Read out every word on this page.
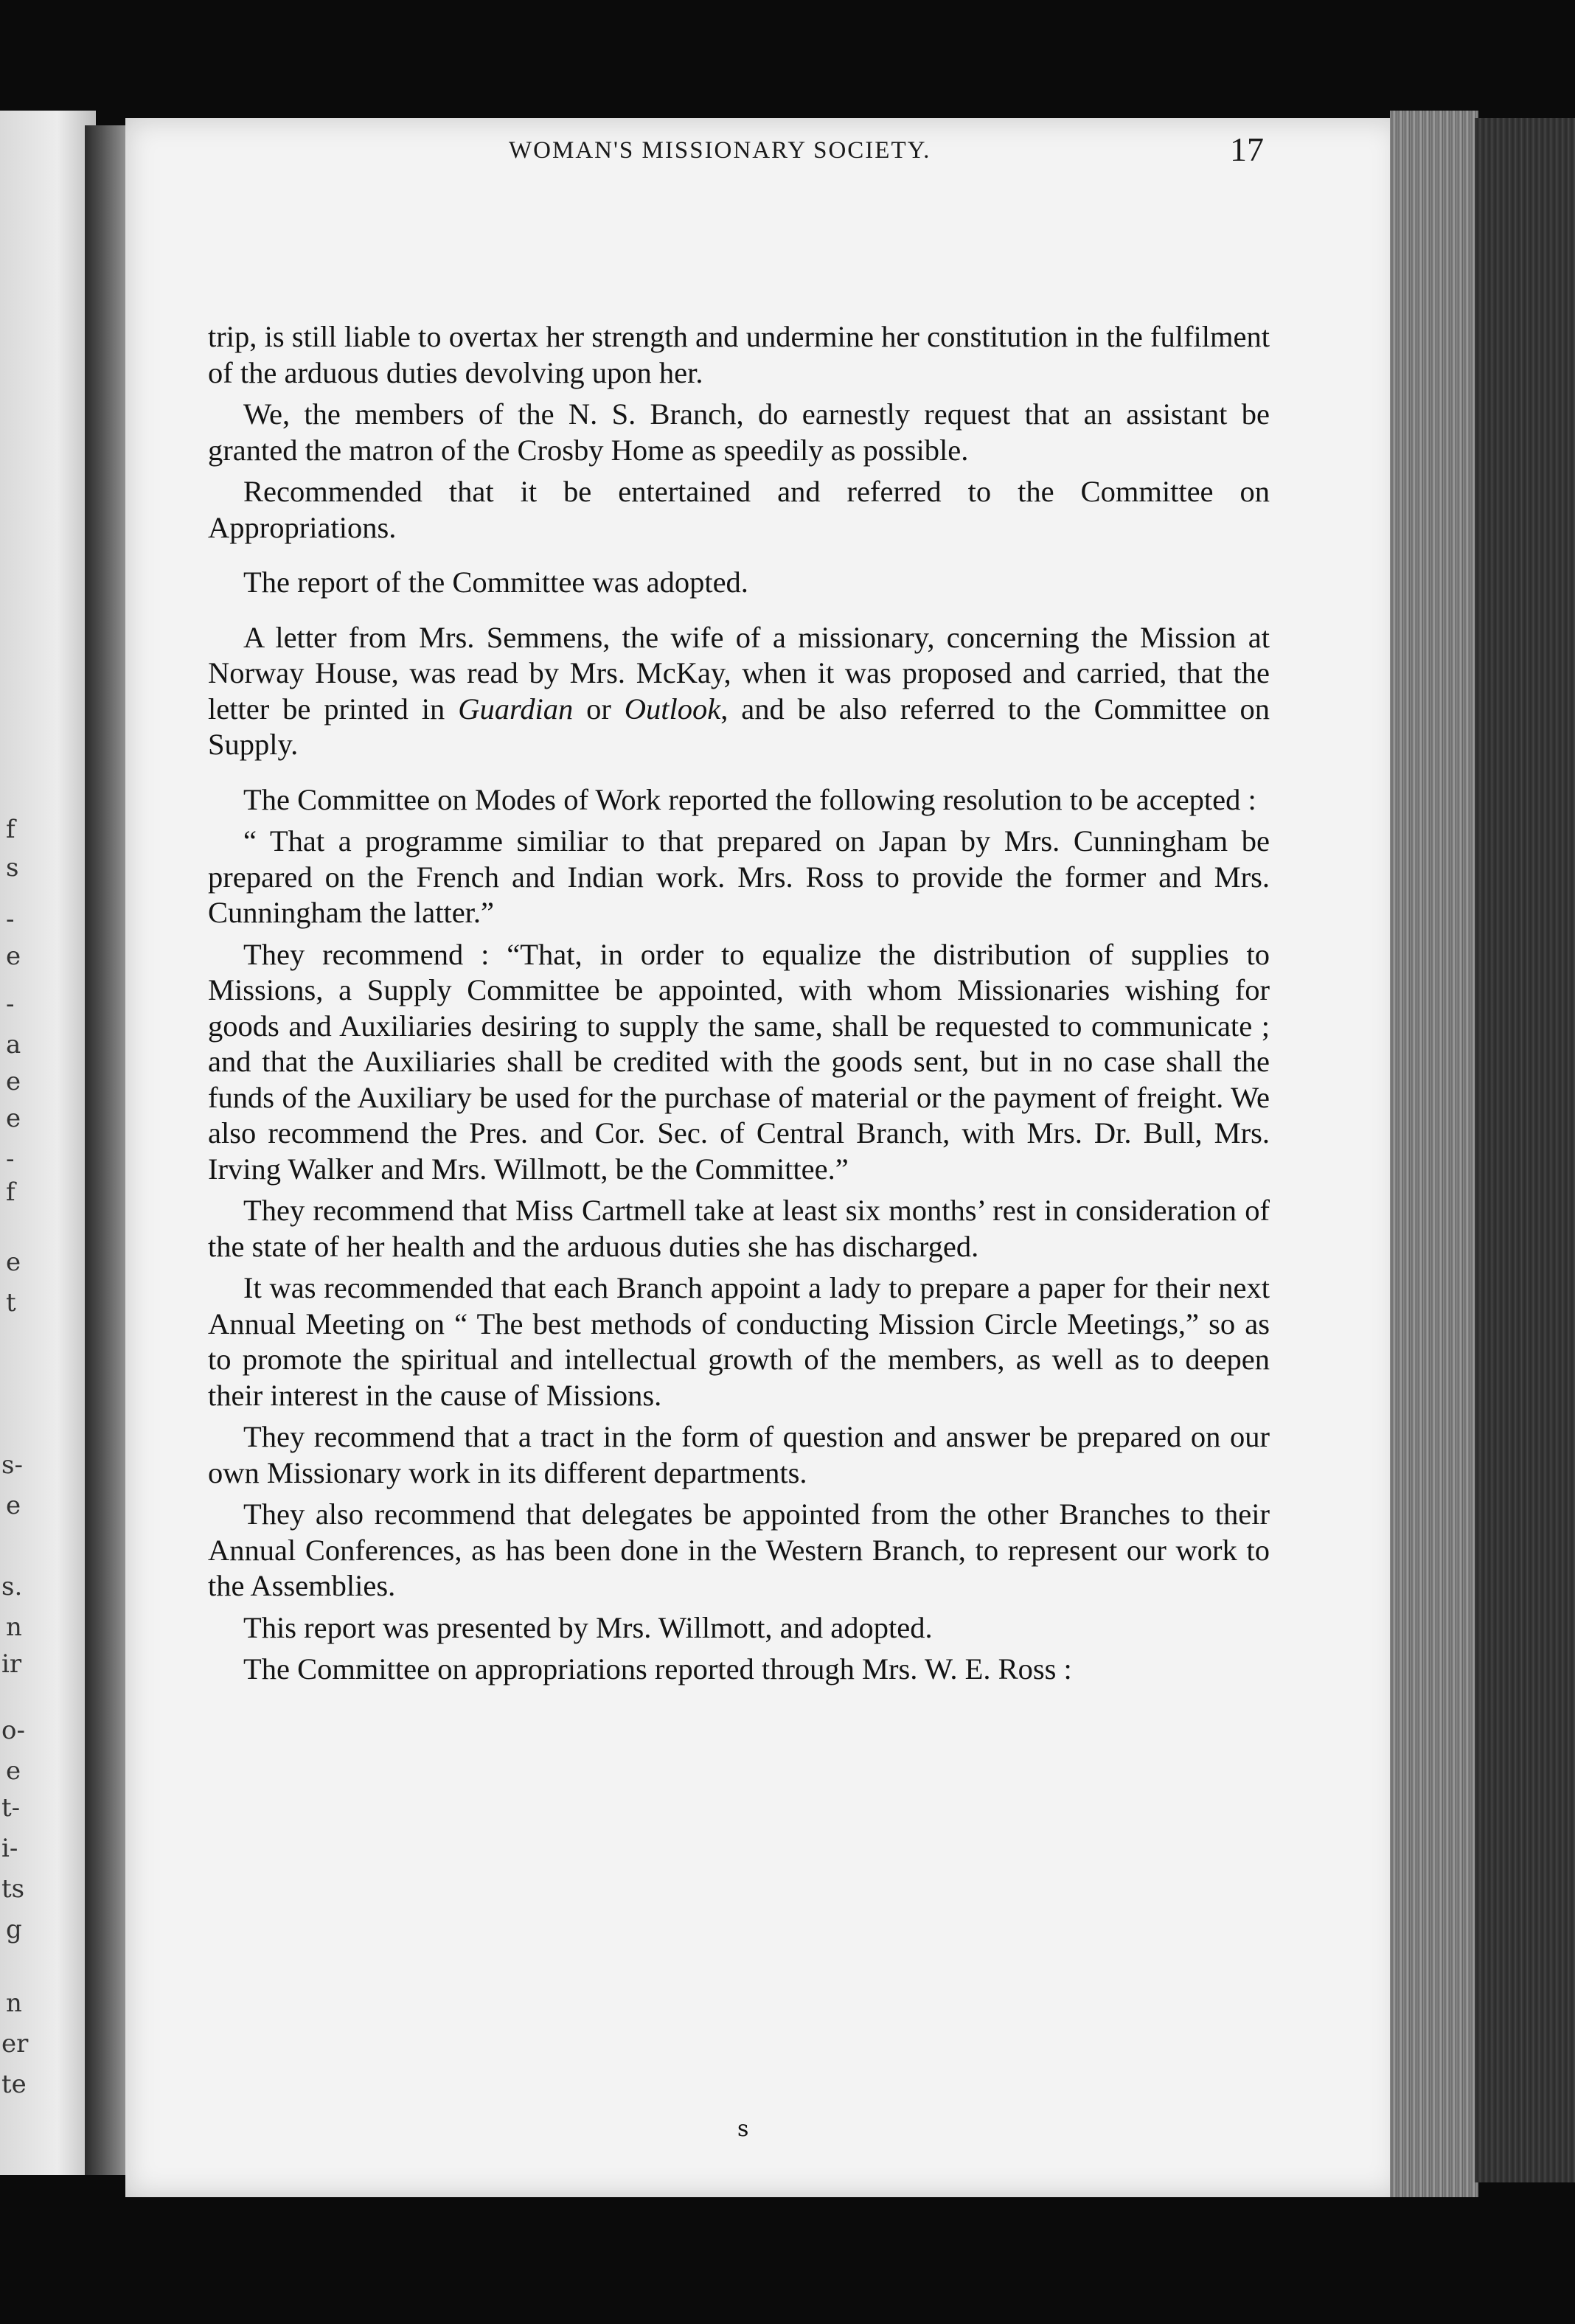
f
s
-
e
-
a
e
e
-
f
e
t
s-
e
s.
n
ir
o-
e
t-
i-
ts
g
n
er
te
WOMAN'S MISSIONARY SOCIETY.	17

trip, is still liable to overtax her strength and undermine her constitution in the fulfilment of the arduous duties devolving upon her.

We, the members of the N. S. Branch, do earnestly request that an assistant be granted the matron of the Crosby Home as speedily as possible.

Recommended that it be entertained and referred to the Committee on Appropriations.

The report of the Committee was adopted.

A letter from Mrs. Semmens, the wife of a missionary, concerning the Mission at Norway House, was read by Mrs. McKay, when it was proposed and carried, that the letter be printed in Guardian or Outlook, and be also referred to the Committee on Supply.

The Committee on Modes of Work reported the following resolution to be accepted :

“ That a programme similiar to that prepared on Japan by Mrs. Cunningham be prepared on the French and Indian work. Mrs. Ross to provide the former and Mrs. Cunningham the latter.”

They recommend : “That, in order to equalize the distribution of supplies to Missions, a Supply Committee be appointed, with whom Missionaries wishing for goods and Auxiliaries desiring to supply the same, shall be requested to communicate ; and that the Auxiliaries shall be credited with the goods sent, but in no case shall the funds of the Auxiliary be used for the purchase of material or the payment of freight. We also recommend the Pres. and Cor. Sec. of Central Branch, with Mrs. Dr. Bull, Mrs. Irving Walker and Mrs. Willmott, be the Committee.”

They recommend that Miss Cartmell take at least six months’ rest in consideration of the state of her health and the arduous duties she has discharged.

It was recommended that each Branch appoint a lady to prepare a paper for their next Annual Meeting on “ The best methods of conducting Mission Circle Meetings,” so as to promote the spiritual and intellectual growth of the members, as well as to deepen their interest in the cause of Missions.

They recommend that a tract in the form of question and answer be prepared on our own Missionary work in its different departments.

They also recommend that delegates be appointed from the other Branches to their Annual Conferences, as has been done in the Western Branch, to represent our work to the Assemblies.

This report was presented by Mrs. Willmott, and adopted.

The Committee on appropriations reported through Mrs. W. E. Ross :

s
